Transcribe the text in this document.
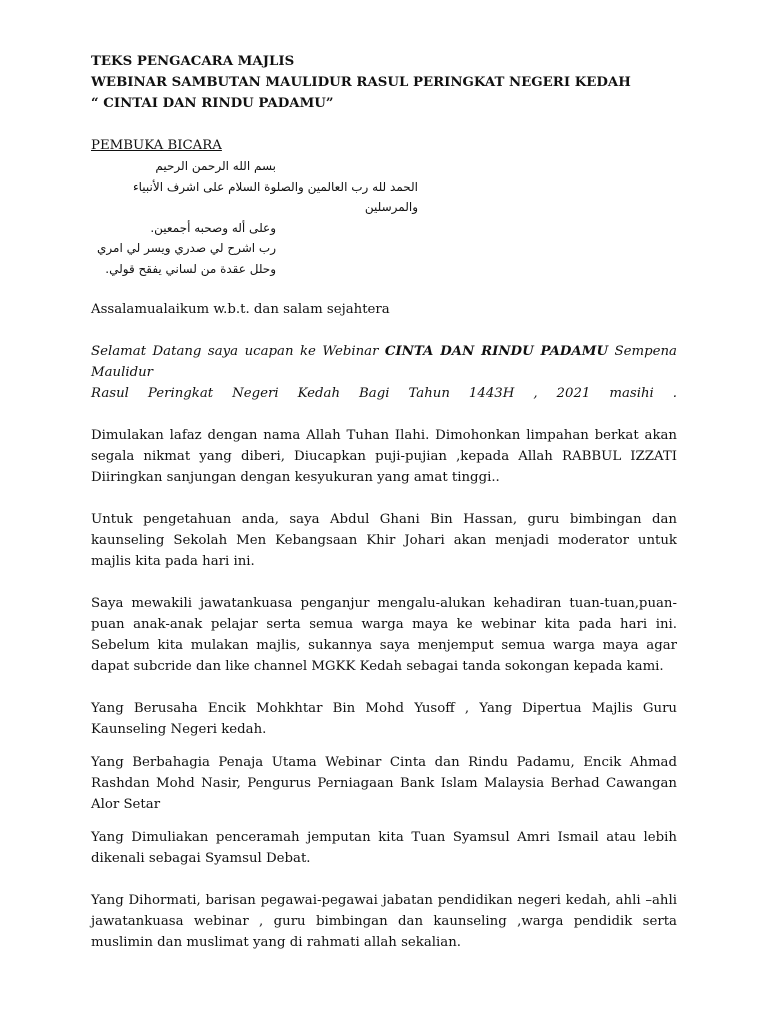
TEKS PENGACARA MAJLIS

WEBINAR SAMBUTAN MAULIDUR RASUL PERINGKAT NEGERI KEDAH

“ CINTAI DAN RINDU PADAMU”

PEMBUKA BICARA

بسم الله الرحمن الرحيم

الحمد لله رب العالمين والصلوة السلام على اشرف الأنبياء والمرسلين

وعلى أله وصحبه أجمعين.

رب اشرح لي صدري ويسر لي امري

وحلل عقدة من لساني يفقح قولي.

Assalamualaikum w.b.t. dan salam sejahtera

Selamat Datang saya ucapan ke Webinar CINTA DAN RINDU PADAMU Sempena Maulidur

Rasul Peringkat Negeri Kedah Bagi Tahun 1443H , 2021 masihi .

Dimulakan lafaz dengan nama Allah Tuhan Ilahi. Dimohonkan limpahan berkat akan segala nikmat yang diberi, Diucapkan puji-pujian ,kepada Allah RABBUL IZZATI Diiringkan sanjungan dengan kesyukuran yang amat tinggi..

Untuk pengetahuan anda, saya Abdul Ghani Bin Hassan, guru bimbingan dan kaunseling Sekolah Men Kebangsaan Khir Johari akan menjadi moderator untuk majlis kita pada hari ini.

Saya mewakili jawatankuasa penganjur mengalu-alukan kehadiran tuan-tuan,puan-puan anak-anak pelajar serta semua warga maya ke webinar kita pada hari ini. Sebelum kita mulakan majlis, sukannya saya menjemput semua warga maya agar dapat subcride dan like channel MGKK Kedah sebagai tanda sokongan kepada kami.

Yang Berusaha Encik Mohkhtar Bin Mohd Yusoff , Yang Dipertua Majlis Guru Kaunseling Negeri kedah.

Yang Berbahagia Penaja Utama Webinar Cinta dan Rindu Padamu, Encik Ahmad Rashdan Mohd Nasir, Pengurus Perniagaan Bank Islam Malaysia Berhad Cawangan Alor Setar

Yang Dimuliakan penceramah jemputan kita Tuan Syamsul Amri Ismail atau lebih dikenali sebagai Syamsul Debat.

Yang Dihormati, barisan pegawai-pegawai jabatan pendidikan negeri kedah, ahli –ahli jawatankuasa webinar , guru bimbingan dan kaunseling ,warga pendidik serta muslimin dan muslimat yang di rahmati allah sekalian.
